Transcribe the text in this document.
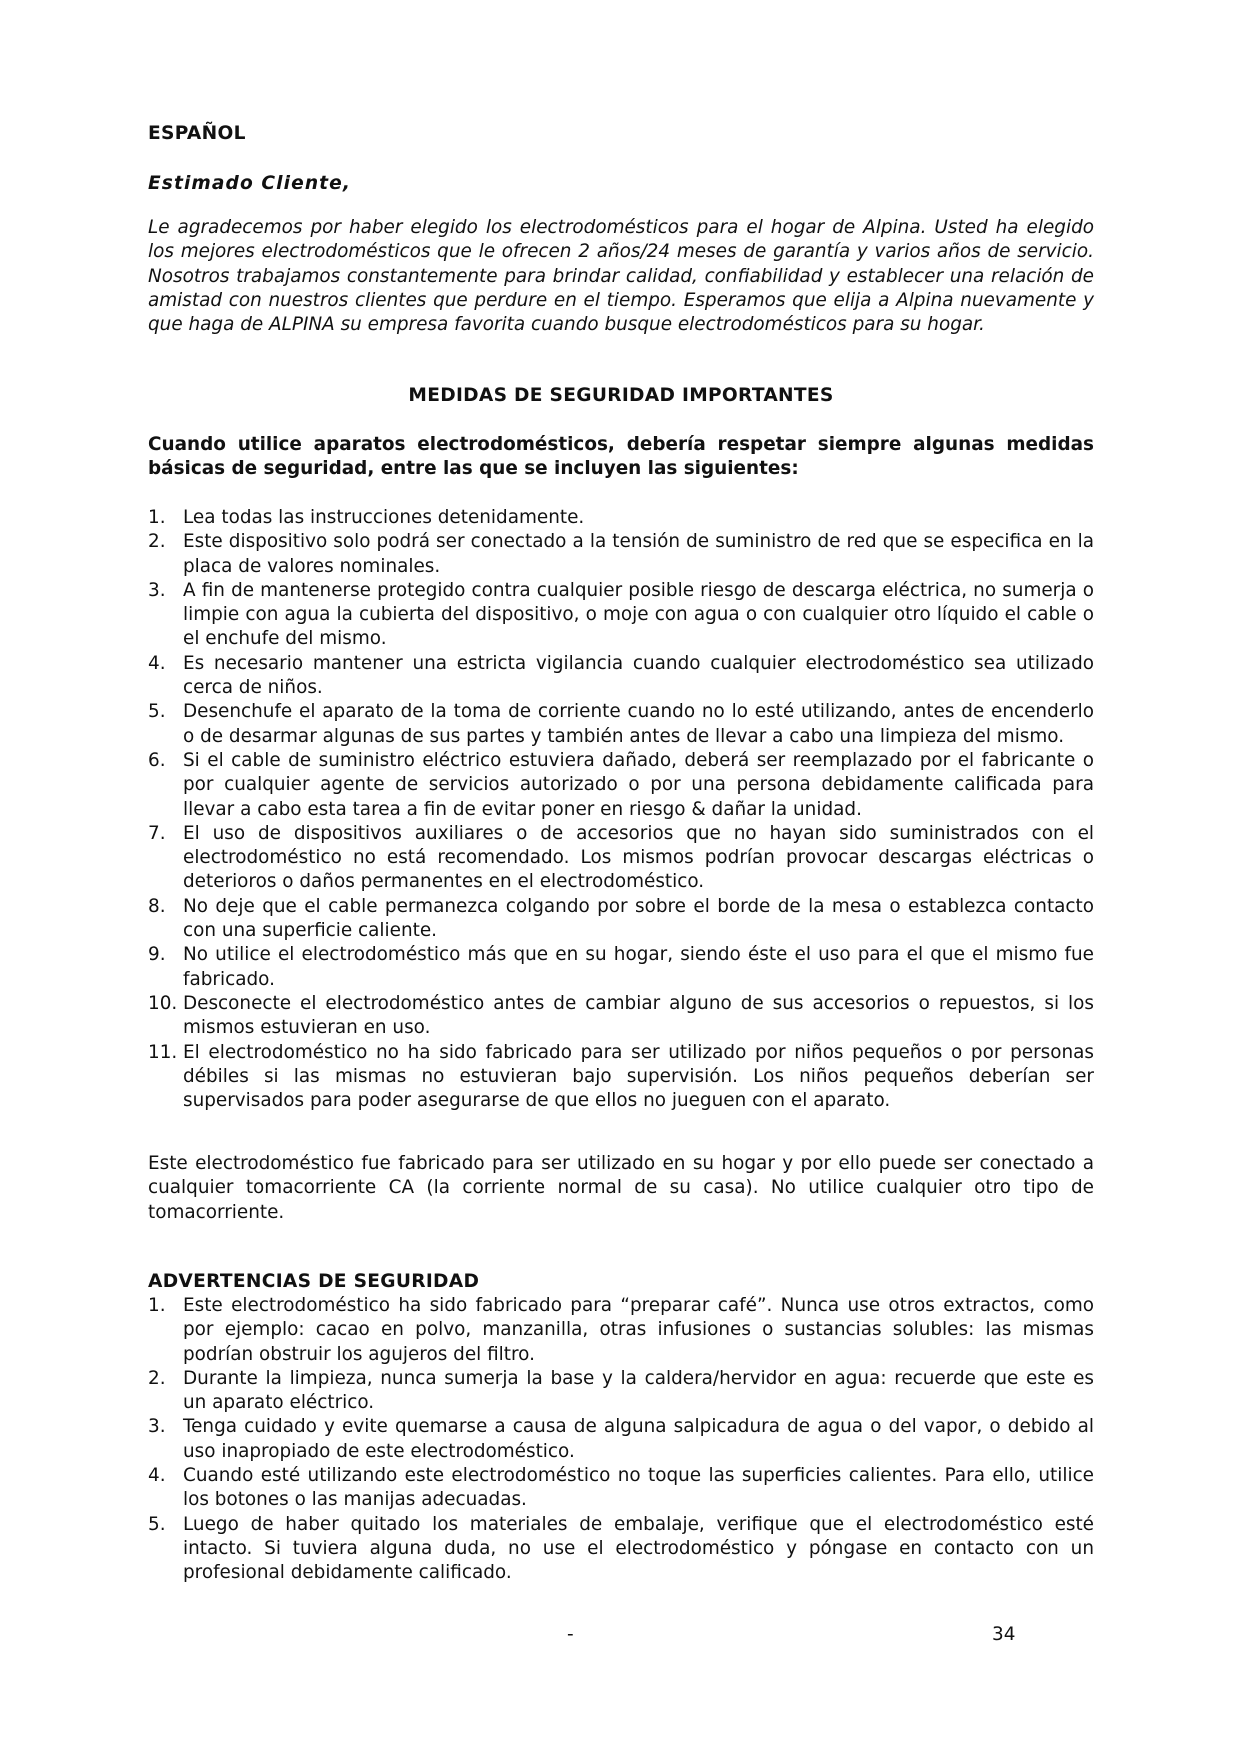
ESPAÑOL

Estimado Cliente,

Le agradecemos por haber elegido los electrodomésticos para el hogar de Alpina. Usted ha elegido los mejores electrodomésticos que le ofrecen 2 años/24 meses de garantía y varios años de servicio. Nosotros trabajamos constantemente para brindar calidad, confiabilidad y establecer una relación de amistad con nuestros clientes que perdure en el tiempo. Esperamos que elija a Alpina nuevamente y que haga de ALPINA su empresa favorita cuando busque electrodomésticos para su hogar.

MEDIDAS DE SEGURIDAD IMPORTANTES

Cuando utilice aparatos electrodomésticos, debería respetar siempre algunas medidas básicas de seguridad, entre las que se incluyen las siguientes:

1. Lea todas las instrucciones detenidamente.
2. Este dispositivo solo podrá ser conectado a la tensión de suministro de red que se especifica en la placa de valores nominales.
3. A fin de mantenerse protegido contra cualquier posible riesgo de descarga eléctrica, no sumerja o limpie con agua la cubierta del dispositivo, o moje con agua o con cualquier otro líquido el cable o el enchufe del mismo.
4. Es necesario mantener una estricta vigilancia cuando cualquier electrodoméstico sea utilizado cerca de niños.
5. Desenchufe el aparato de la toma de corriente cuando no lo esté utilizando, antes de encenderlo o de desarmar algunas de sus partes y también antes de llevar a cabo una limpieza del mismo.
6. Si el cable de suministro eléctrico estuviera dañado, deberá ser reemplazado por el fabricante o por cualquier agente de servicios autorizado o por una persona debidamente calificada para llevar a cabo esta tarea a fin de evitar poner en riesgo & dañar la unidad.
7. El uso de dispositivos auxiliares o de accesorios que no hayan sido suministrados con el electrodoméstico no está recomendado. Los mismos podrían provocar descargas eléctricas o deterioros o daños permanentes en el electrodoméstico.
8. No deje que el cable permanezca colgando por sobre el borde de la mesa o establezca contacto con una superficie caliente.
9. No utilice el electrodoméstico más que en su hogar, siendo éste el uso para el que el mismo fue fabricado.
10. Desconecte el electrodoméstico antes de cambiar alguno de sus accesorios o repuestos, si los mismos estuvieran en uso.
11. El electrodoméstico no ha sido fabricado para ser utilizado por niños pequeños o por personas débiles si las mismas no estuvieran bajo supervisión. Los niños pequeños deberían ser supervisados para poder asegurarse de que ellos no jueguen con el aparato.

Este electrodoméstico fue fabricado para ser utilizado en su hogar y por ello puede ser conectado a cualquier tomacorriente CA (la corriente normal de su casa). No utilice cualquier otro tipo de tomacorriente.

ADVERTENCIAS DE SEGURIDAD

1. Este electrodoméstico ha sido fabricado para “preparar café”. Nunca use otros extractos, como por ejemplo: cacao en polvo, manzanilla, otras infusiones o sustancias solubles: las mismas podrían obstruir los agujeros del filtro.
2. Durante la limpieza, nunca sumerja la base y la caldera/hervidor en agua: recuerde que este es un aparato eléctrico.
3. Tenga cuidado y evite quemarse a causa de alguna salpicadura de agua o del vapor, o debido al uso inapropiado de este electrodoméstico.
4. Cuando esté utilizando este electrodoméstico no toque las superficies calientes. Para ello, utilice los botones o las manijas adecuadas.
5. Luego de haber quitado los materiales de embalaje, verifique que el electrodoméstico esté intacto. Si tuviera alguna duda, no use el electrodoméstico y póngase en contacto con un profesional debidamente calificado.
-	34
